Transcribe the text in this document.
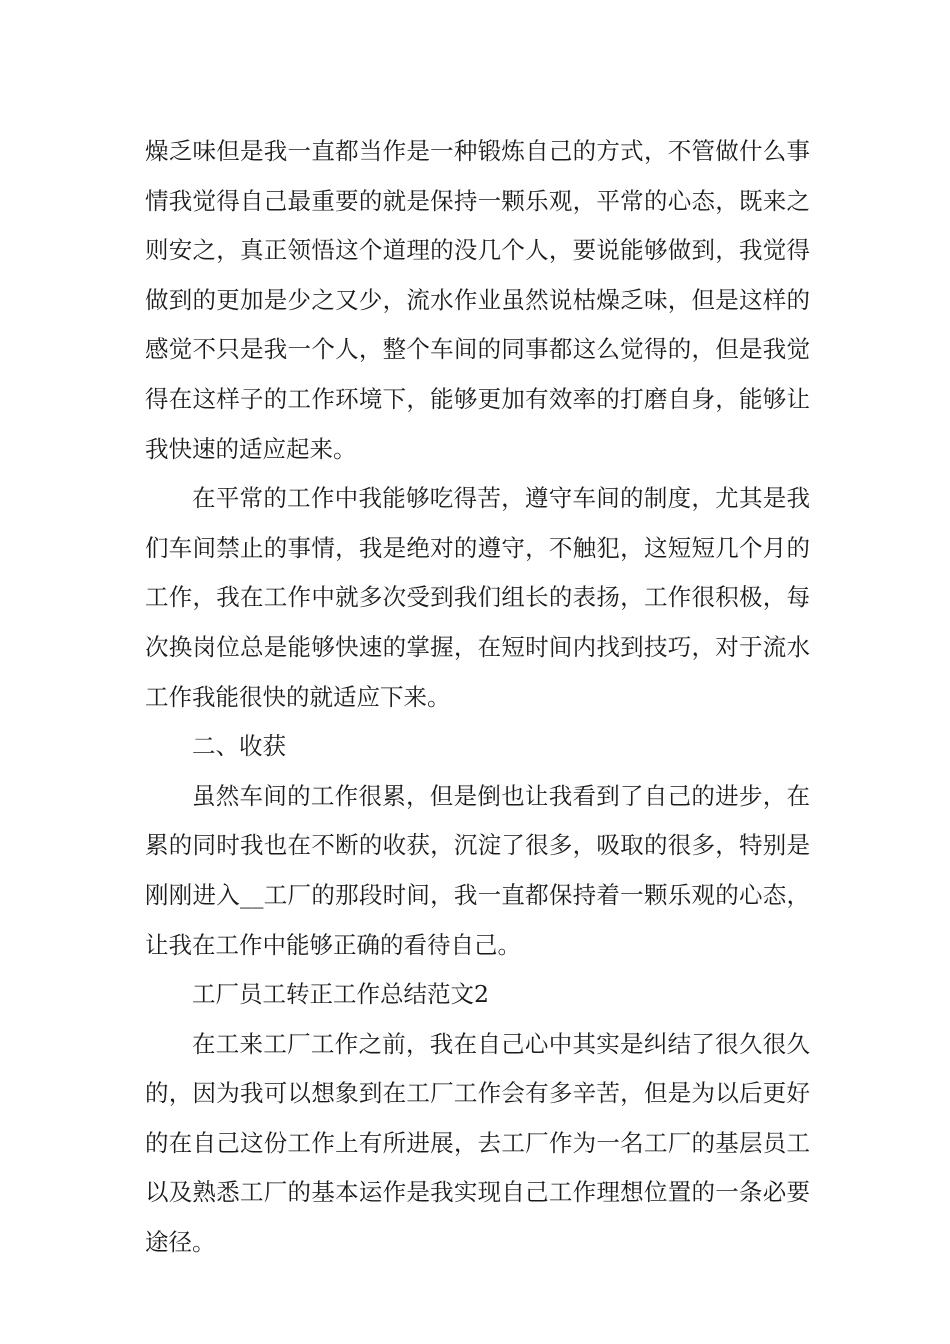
燥乏味但是我一直都当作是一种锻炼自己的方式，不管做什么事情我觉得自己最重要的就是保持一颗乐观，平常的心态，既来之则安之，真正领悟这个道理的没几个人，要说能够做到，我觉得做到的更加是少之又少，流水作业虽然说枯燥乏味，但是这样的感觉不只是我一个人，整个车间的同事都这么觉得的，但是我觉得在这样子的工作环境下，能够更加有效率的打磨自身，能够让我快速的适应起来。

在平常的工作中我能够吃得苦，遵守车间的制度，尤其是我们车间禁止的事情，我是绝对的遵守，不触犯，这短短几个月的工作，我在工作中就多次受到我们组长的表扬，工作很积极，每次换岗位总是能够快速的掌握，在短时间内找到技巧，对于流水工作我能很快的就适应下来。

二、收获

虽然车间的工作很累，但是倒也让我看到了自己的进步，在累的同时我也在不断的收获，沉淀了很多，吸取的很多，特别是刚刚进入__工厂的那段时间，我一直都保持着一颗乐观的心态，让我在工作中能够正确的看待自己。

工厂员工转正工作总结范文2

在工来工厂工作之前，我在自己心中其实是纠结了很久很久的，因为我可以想象到在工厂工作会有多辛苦，但是为以后更好的在自己这份工作上有所进展，去工厂作为一名工厂的基层员工以及熟悉工厂的基本运作是我实现自己工作理想位置的一条必要途径。
